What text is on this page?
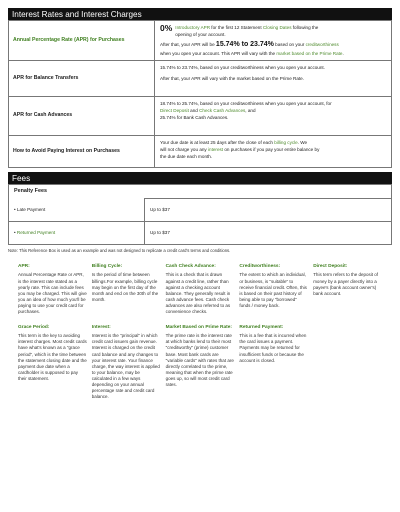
Interest Rates and Interest Charges
Annual Percentage Rate (APR) for Purchases	0% Introductory APR for the first 12 Statement Closing Dates following the
opening of your account.
After that, your APR will be 15.74% to 23.74% based on your creditworthiness
when you open your account. This APR will vary with the market based on the Prime Rate.

APR for Balance Transfers	15.74% to 23.74%, based on your creditworthiness when you open your account.
After that, your APR will vary with the market based on the Prime Rate.

APR for Cash Advances	18.74% to 25.74%, based on your creditworthiness when you open your account, for
Direct Deposit and Check Cash Advances, and
25.74% for Bank Cash Advances.

How to Avoid Paying Interest on Purchases	Your due date is at least 25 days after the close of each billing cycle. We
will not charge you any interest on purchases if you pay your entire balance by
the due date each month.
Fees
Penalty Fees	
• Late Payment	Up to $37
• Returned Payment	Up to $37
Note: This Reference Box is used as an example and was not designed to replicate a credit card's terms and conditions.
APR:

Annual Percentage Rate or APR, is the interest rate stated as a yearly rate. This can include fees you may be charged. This will give you an idea of how much you'll be paying to use your credit card for purchases.

Billing Cycle:

Is the period of time between billings.For example, billing cycle may begin on the first day of the month and end on the 30th of the month.

Cash Check Advance:

This is a check that is drawn against a credit line, rather than against a checking account balance. They generally result in cash advance fees. Cash check advances are also referred to as convenience checks.

Creditworthiness:

The extent to which an individual, or business, is "suitable" to receive financial credit. Often, this is based on their past history of being able to pay "borrowed" funds / money back.

Direct Deposit:

This term refers to the deposit of money by a payer directly into a payee's (bank account owner's) bank account.

Grace Period:

This term is the key to avoiding interest charges. Most credit cards have what's known as a "grace period", which is the time between the statement closing date and the payment due date when a cardholder is supposed to pay their statement.

Interest:

Interest is the "principal" in which credit card issuers gain revenue. Interest is charged on the credit card balance and any changes to your interest rate. Your finance charge, the way interest is applied to your balance, may be calculated in a few ways depending on your annual percentage rate and credit card balance.

Market Based on Prime Rate:

The prime rate is the interest rate at which banks lend to their most "creditworthy" (prime) customer base. Most bank cards are "variable cards" with rates that are directly correlated to the prime, meaning that when the prime rate goes up, so will most credit card rates.

Returned Payment:

This is a fee that is incurred when the card issues a payment. Payments may be returned for insufficient funds or because the account is closed.
